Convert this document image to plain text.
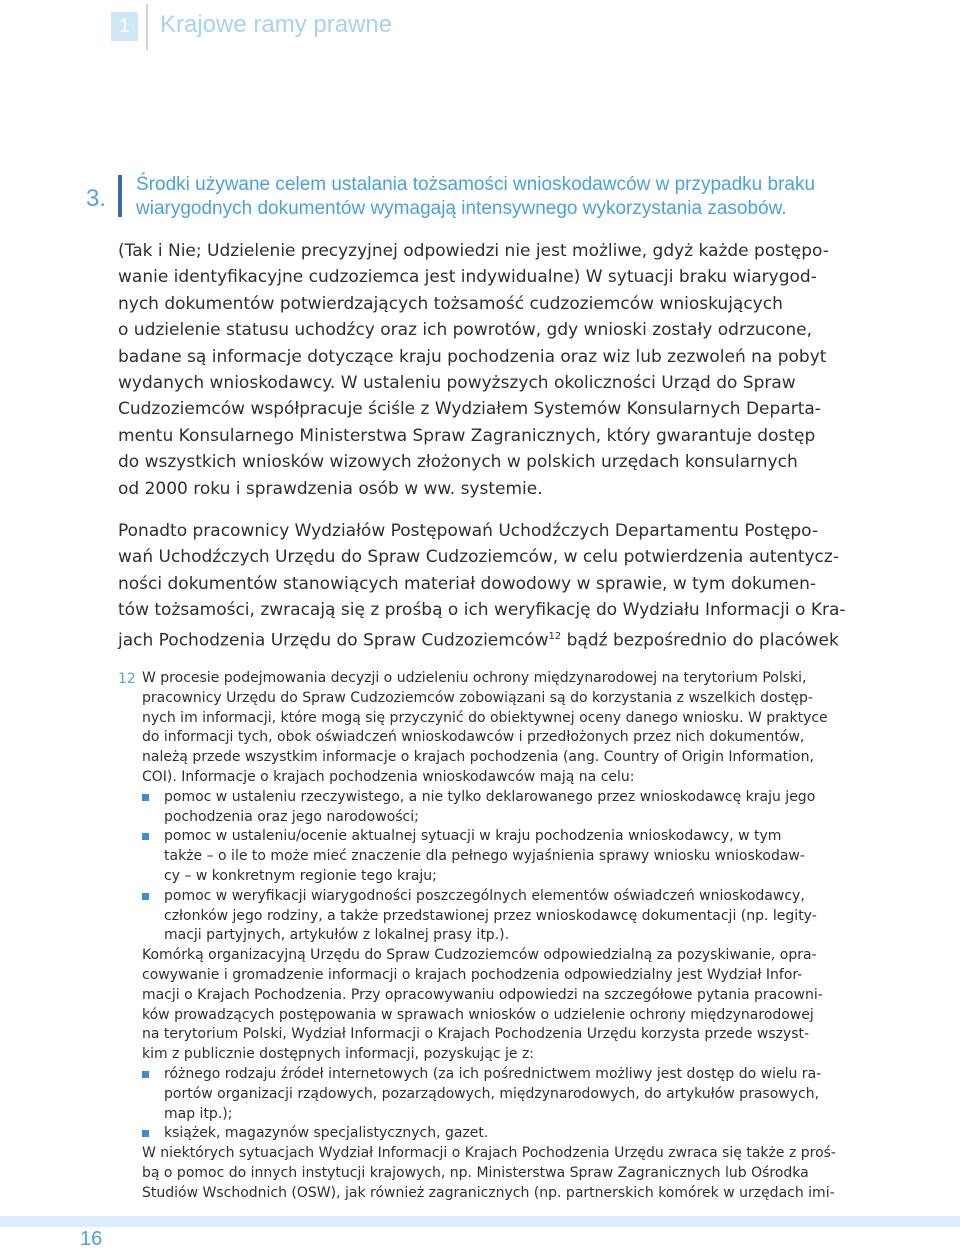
1	Krajowe ramy prawne
3.
Środki używane celem ustalania tożsamości wnioskodawców w przypadku braku
wiarygodnych dokumentów wymagają intensywnego wykorzystania zasobów.
(Tak i Nie; Udzielenie precyzyjnej odpowiedzi nie jest możliwe, gdyż każde postępo-
wanie identyfikacyjne cudzoziemca jest indywidualne) W sytuacji braku wiarygod-
nych dokumentów potwierdzających tożsamość cudzoziemców wnioskujących
o udzielenie statusu uchodźcy oraz ich powrotów, gdy wnioski zostały odrzucone,
badane są informacje dotyczące kraju pochodzenia oraz wiz lub zezwoleń na pobyt
wydanych wnioskodawcy. W ustaleniu powyższych okoliczności Urząd do Spraw
Cudzoziemców współpracuje ściśle z Wydziałem Systemów Konsularnych Departa-
mentu Konsularnego Ministerstwa Spraw Zagranicznych, który gwarantuje dostęp
do wszystkich wniosków wizowych złożonych w polskich urzędach konsularnych
od 2000 roku i sprawdzenia osób w ww. systemie.
Ponadto pracownicy Wydziałów Postępowań Uchodźczych Departamentu Postępo-
wań Uchodźczych Urzędu do Spraw Cudzoziemców, w celu potwierdzenia autentycz-
ności dokumentów stanowiących materiał dowodowy w sprawie, w tym dokumen-
tów tożsamości, zwracają się z prośbą o ich weryfikację do Wydziału Informacji o Kra-
jach Pochodzenia Urzędu do Spraw Cudzoziemców$^{12}$ bądź bezpośrednio do placówek
12 W procesie podejmowania decyzji o udzieleniu ochrony międzynarodowej na terytorium Polski,
pracownicy Urzędu do Spraw Cudzoziemców zobowiązani są do korzystania z wszelkich dostęp-
nych im informacji, które mogą się przyczynić do obiektywnej oceny danego wniosku. W praktyce
do informacji tych, obok oświadczeń wnioskodawców i przedłożonych przez nich dokumentów,
należą przede wszystkim informacje o krajach pochodzenia (ang. Country of Origin Information,
COI). Informacje o krajach pochodzenia wnioskodawców mają na celu:
pomoc w ustaleniu rzeczywistego, a nie tylko deklarowanego przez wnioskodawcę kraju jego
pochodzenia oraz jego narodowości;
pomoc w ustaleniu/ocenie aktualnej sytuacji w kraju pochodzenia wnioskodawcy, w tym
także – o ile to może mieć znaczenie dla pełnego wyjaśnienia sprawy wniosku wnioskodaw-
cy – w konkretnym regionie tego kraju;
pomoc w weryfikacji wiarygodności poszczególnych elementów oświadczeń wnioskodawcy,
członków jego rodziny, a także przedstawionej przez wnioskodawcę dokumentacji (np. legity-
macji partyjnych, artykułów z lokalnej prasy itp.).
Komórką organizacyjną Urzędu do Spraw Cudzoziemców odpowiedzialną za pozyskiwanie, opra-
cowywanie i gromadzenie informacji o krajach pochodzenia odpowiedzialny jest Wydział Infor-
macji o Krajach Pochodzenia. Przy opracowywaniu odpowiedzi na szczegółowe pytania pracowni-
ków prowadzących postępowania w sprawach wniosków o udzielenie ochrony międzynarodowej
na terytorium Polski, Wydział Informacji o Krajach Pochodzenia Urzędu korzysta przede wszyst-
kim z publicznie dostępnych informacji, pozyskując je z:
różnego rodzaju źródeł internetowych (za ich pośrednictwem możliwy jest dostęp do wielu ra-
portów organizacji rządowych, pozarządowych, międzynarodowych, do artykułów prasowych,
map itp.);
książek, magazynów specjalistycznych, gazet.
W niektórych sytuacjach Wydział Informacji o Krajach Pochodzenia Urzędu zwraca się także z proś-
bą o pomoc do innych instytucji krajowych, np. Ministerstwa Spraw Zagranicznych lub Ośrodka
Studiów Wschodnich (OSW), jak również zagranicznych (np. partnerskich komórek w urzędach imi-
16
